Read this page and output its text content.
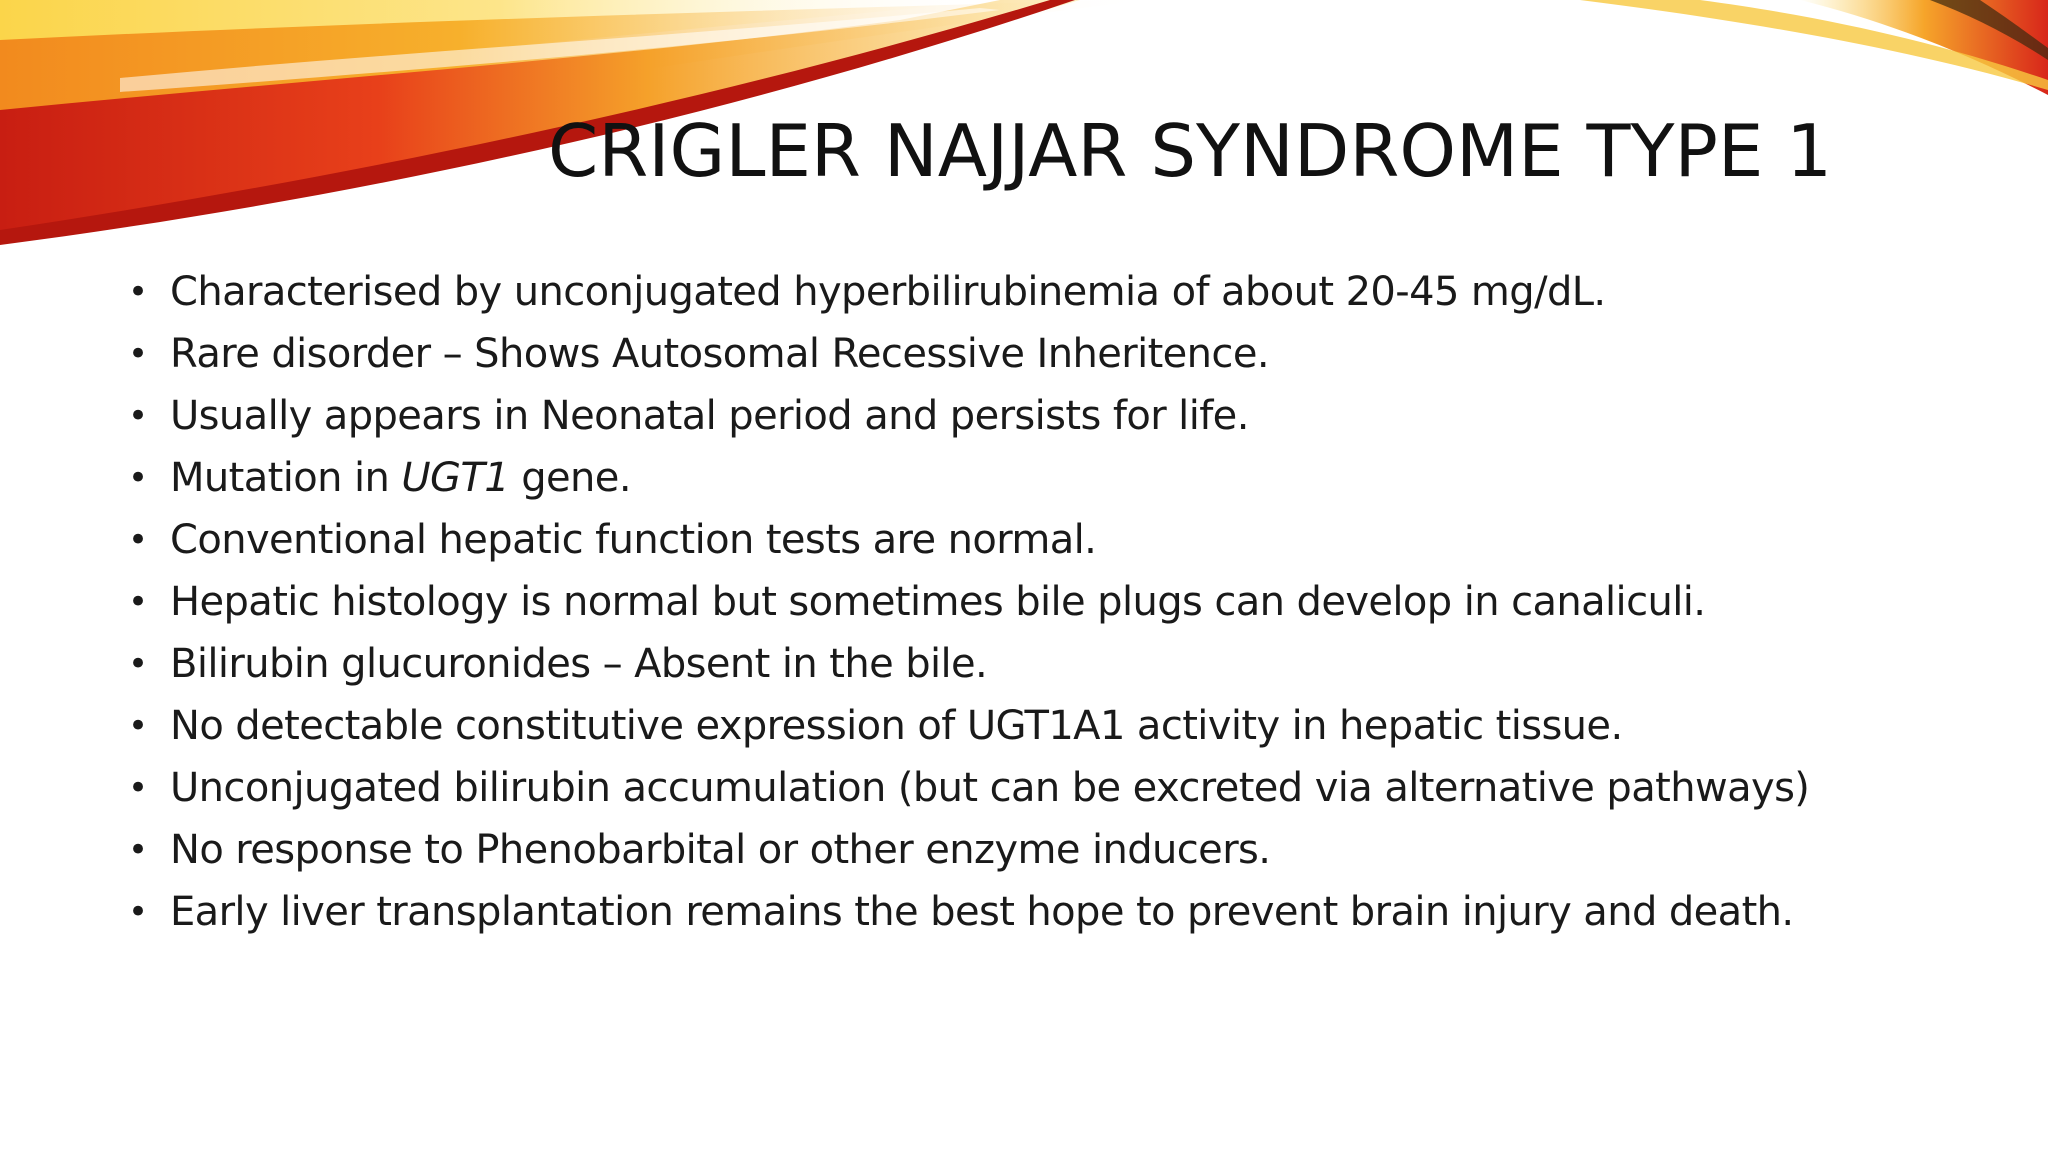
CRIGLER NAJJAR SYNDROME TYPE 1
• Characterised by unconjugated hyperbilirubinemia of about 20-45 mg/dL.
• Rare disorder – Shows Autosomal Recessive Inheritence.
• Usually appears in Neonatal period and persists for life.
• Mutation in UGT1 gene.
• Conventional hepatic function tests are normal.
• Hepatic histology is normal but sometimes bile plugs can develop in canaliculi.
• Bilirubin glucuronides – Absent in the bile.
• No detectable constitutive expression of UGT1A1 activity in hepatic tissue.
• Unconjugated bilirubin accumulation (but can be excreted via alternative pathways)
• No response to Phenobarbital or other enzyme inducers.
• Early liver transplantation remains the best hope to prevent brain injury and death.
